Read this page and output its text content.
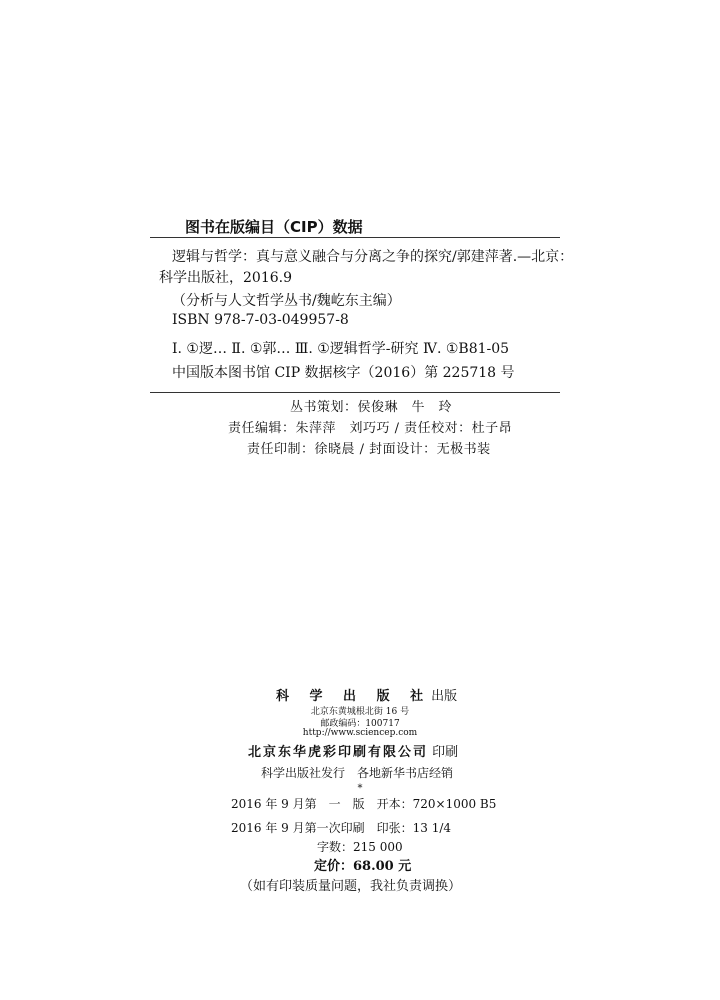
图书在版编目（CIP）数据
逻辑与哲学：真与意义融合与分离之争的探究/郭建萍著.—北京：
科学出版社，2016.9
（分析与人文哲学丛书/魏屹东主编）
ISBN 978-7-03-049957-8
Ⅰ. ①逻… Ⅱ. ①郭… Ⅲ. ①逻辑哲学-研究 Ⅳ. ①B81-05
中国版本图书馆 CIP 数据核字（2016）第 225718 号
丛书策划：侯俊琳　牛　玲
责任编辑：朱萍萍　刘巧巧 / 责任校对：杜子昂
责任印制：徐晓晨 / 封面设计：无极书装
科 学 出 版 社出版
北京东黄城根北街 16 号
邮政编码：100717
http://www.sciencep.com
北京东华虎彩印刷有限公司 印刷
科学出版社发行　各地新华书店经销
*
2016 年 9 月第　一　版　开本：720×1000 B5
2016 年 9 月第一次印刷　印张：13 1/4
字数：215 000
定价：68.00 元
（如有印装质量问题，我社负责调换）
